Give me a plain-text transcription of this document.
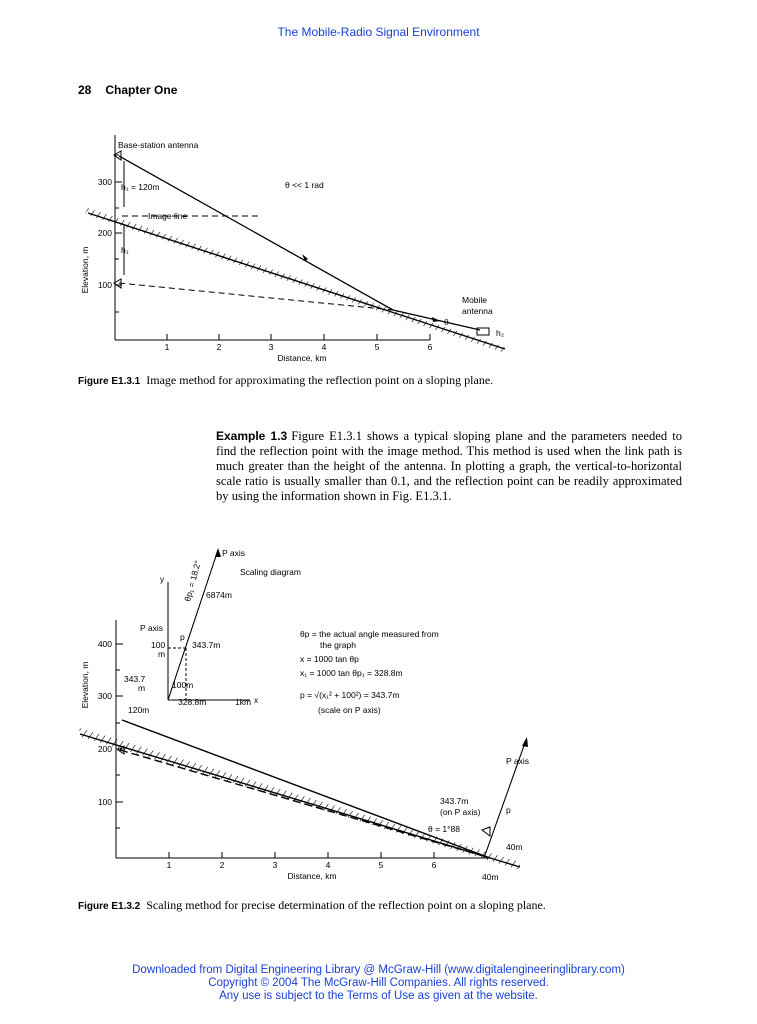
The Mobile-Radio Signal Environment
28 Chapter One
300
200
100
Elevation, m
1	2	3	4	5	6
Distance, km
Base-station antenna
h₁ = 120m
Image line
h₁
θ << 1 rad
θ
Mobile
antenna
h₂
Figure E1.3.1 Image method for approximating the reflection point on a sloping plane.
Example 1.3 Figure E1.3.1 shows a typical sloping plane and the parameters needed to find the reflection point with the image method. This method is used when the link path is much greater than the height of the antenna. In plotting a graph, the vertical-to-horizontal scale ratio is usually smaller than 0.1, and the reflection point can be readily approximated by using the information shown in Fig. E1.3.1.
400
300
200
100
Elevation, m
1	2	3	4	5	6
Distance, km
P axis
Scaling diagram
θp₁ = 18.2°
y
6874m
P axis
p
100
m
343.7m
343.7
m	100m
328.8m	1km x
120m
θp = the actual angle measured from
the graph
x = 1000 tan θp
x₁ = 1000 tan θp₁ = 328.8m
p = √(x₁² + 100²) = 343.7m
(scale on P axis)
P axis
343.7m
(on P axis)	p
θ = 1°88
40m
40m
Figure E1.3.2 Scaling method for precise determination of the reflection point on a sloping plane.
Downloaded from Digital Engineering Library @ McGraw-Hill (www.digitalengineeringlibrary.com)
Copyright © 2004 The McGraw-Hill Companies. All rights reserved.
Any use is subject to the Terms of Use as given at the website.
